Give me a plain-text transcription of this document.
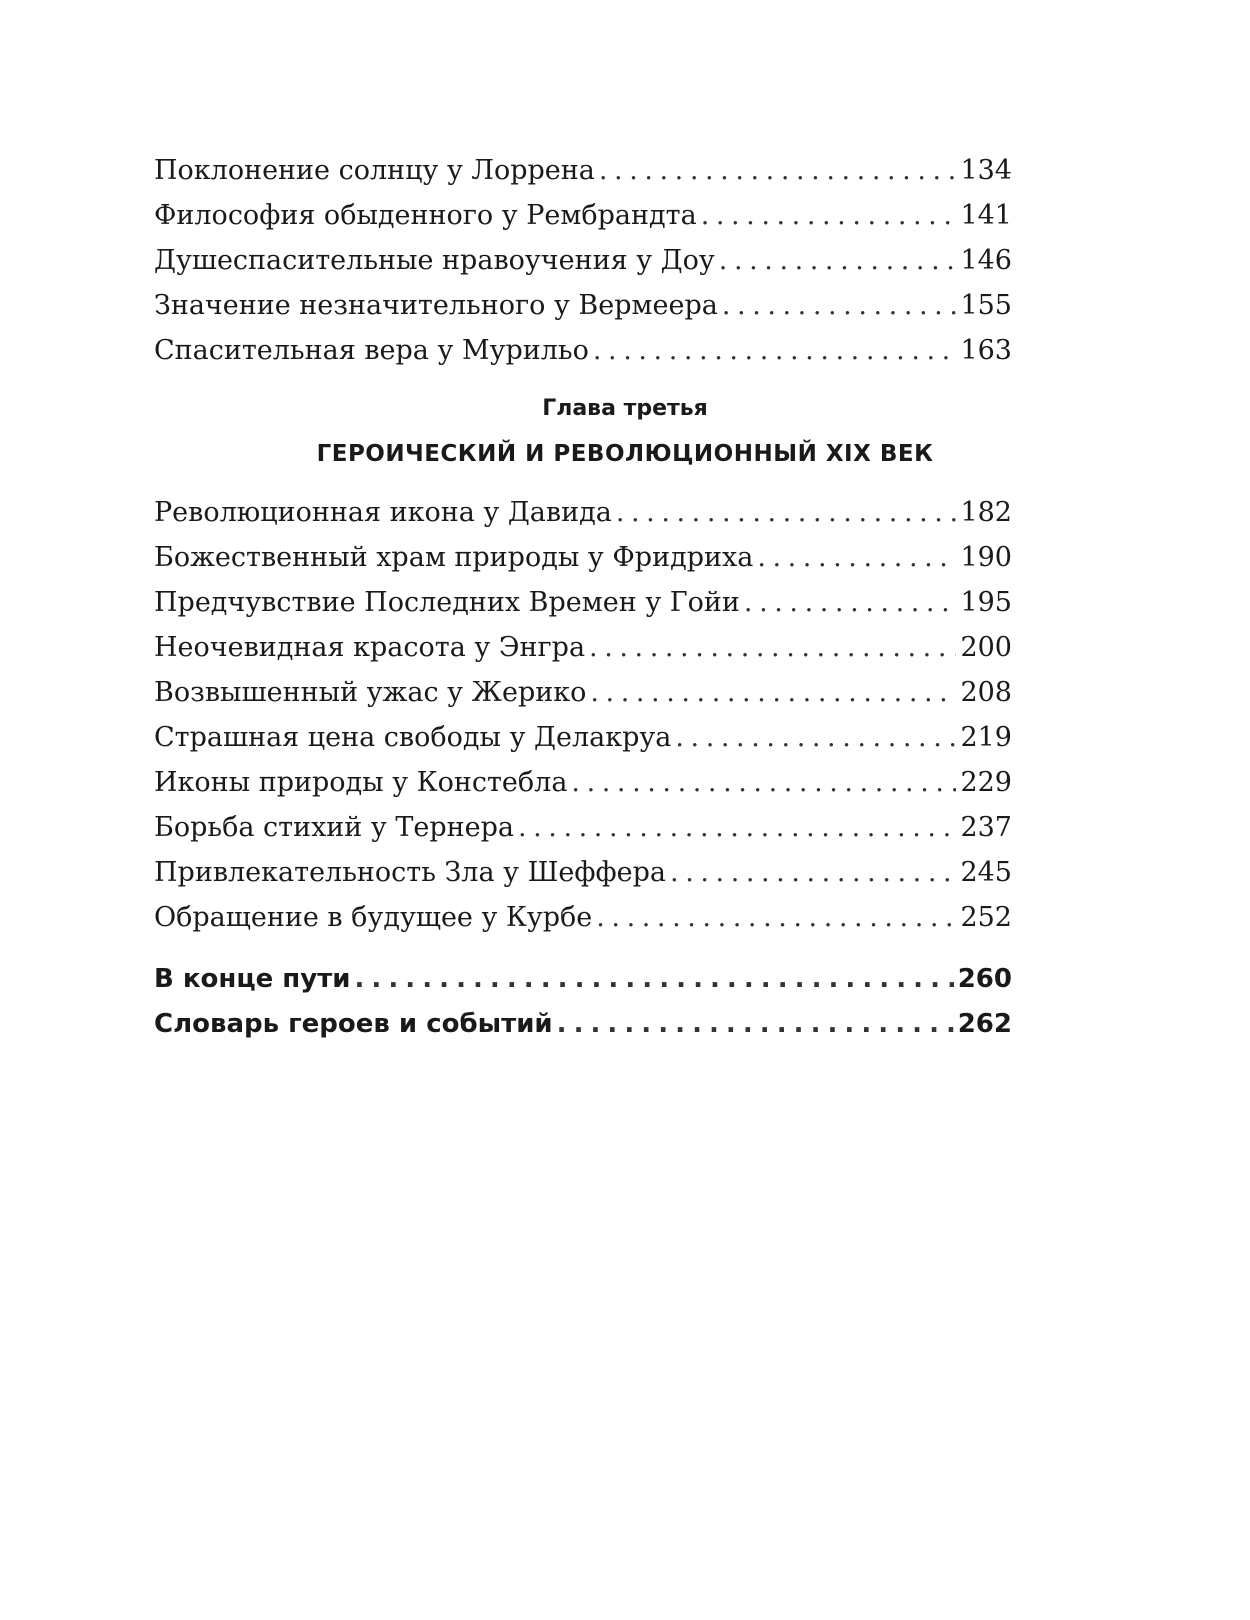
Поклонение солнцу у Лоррена . . .	134
Философия обыденного у Рембрандта . . .	141
Душеспасительные нравоучения у Доу . . .	146
Значение незначительного у Вермеера . . .	155
Спасительная вера у Мурильо . . .	163
Революционная икона у Давида . . .	182
Божественный храм природы у Фридриха . . .	190
Предчувствие Последних Времен у Гойи . . .	195
Неочевидная красота у Энгра . . .	200
Возвышенный ужас у Жерико . . .	208
Страшная цена свободы у Делакруа . . .	219
Иконы природы у Констебла . . .	229
Борьба стихий у Тернера . . .	237
Привлекательность Зла у Шеффера . . .	245
Обращение в будущее у Курбе . . .	252
В конце пути . . .	260
Словарь героев и событий . . .	262
Глава третья
ГЕРОИЧЕСКИЙ И РЕВОЛЮЦИОННЫЙ XIX ВЕК
